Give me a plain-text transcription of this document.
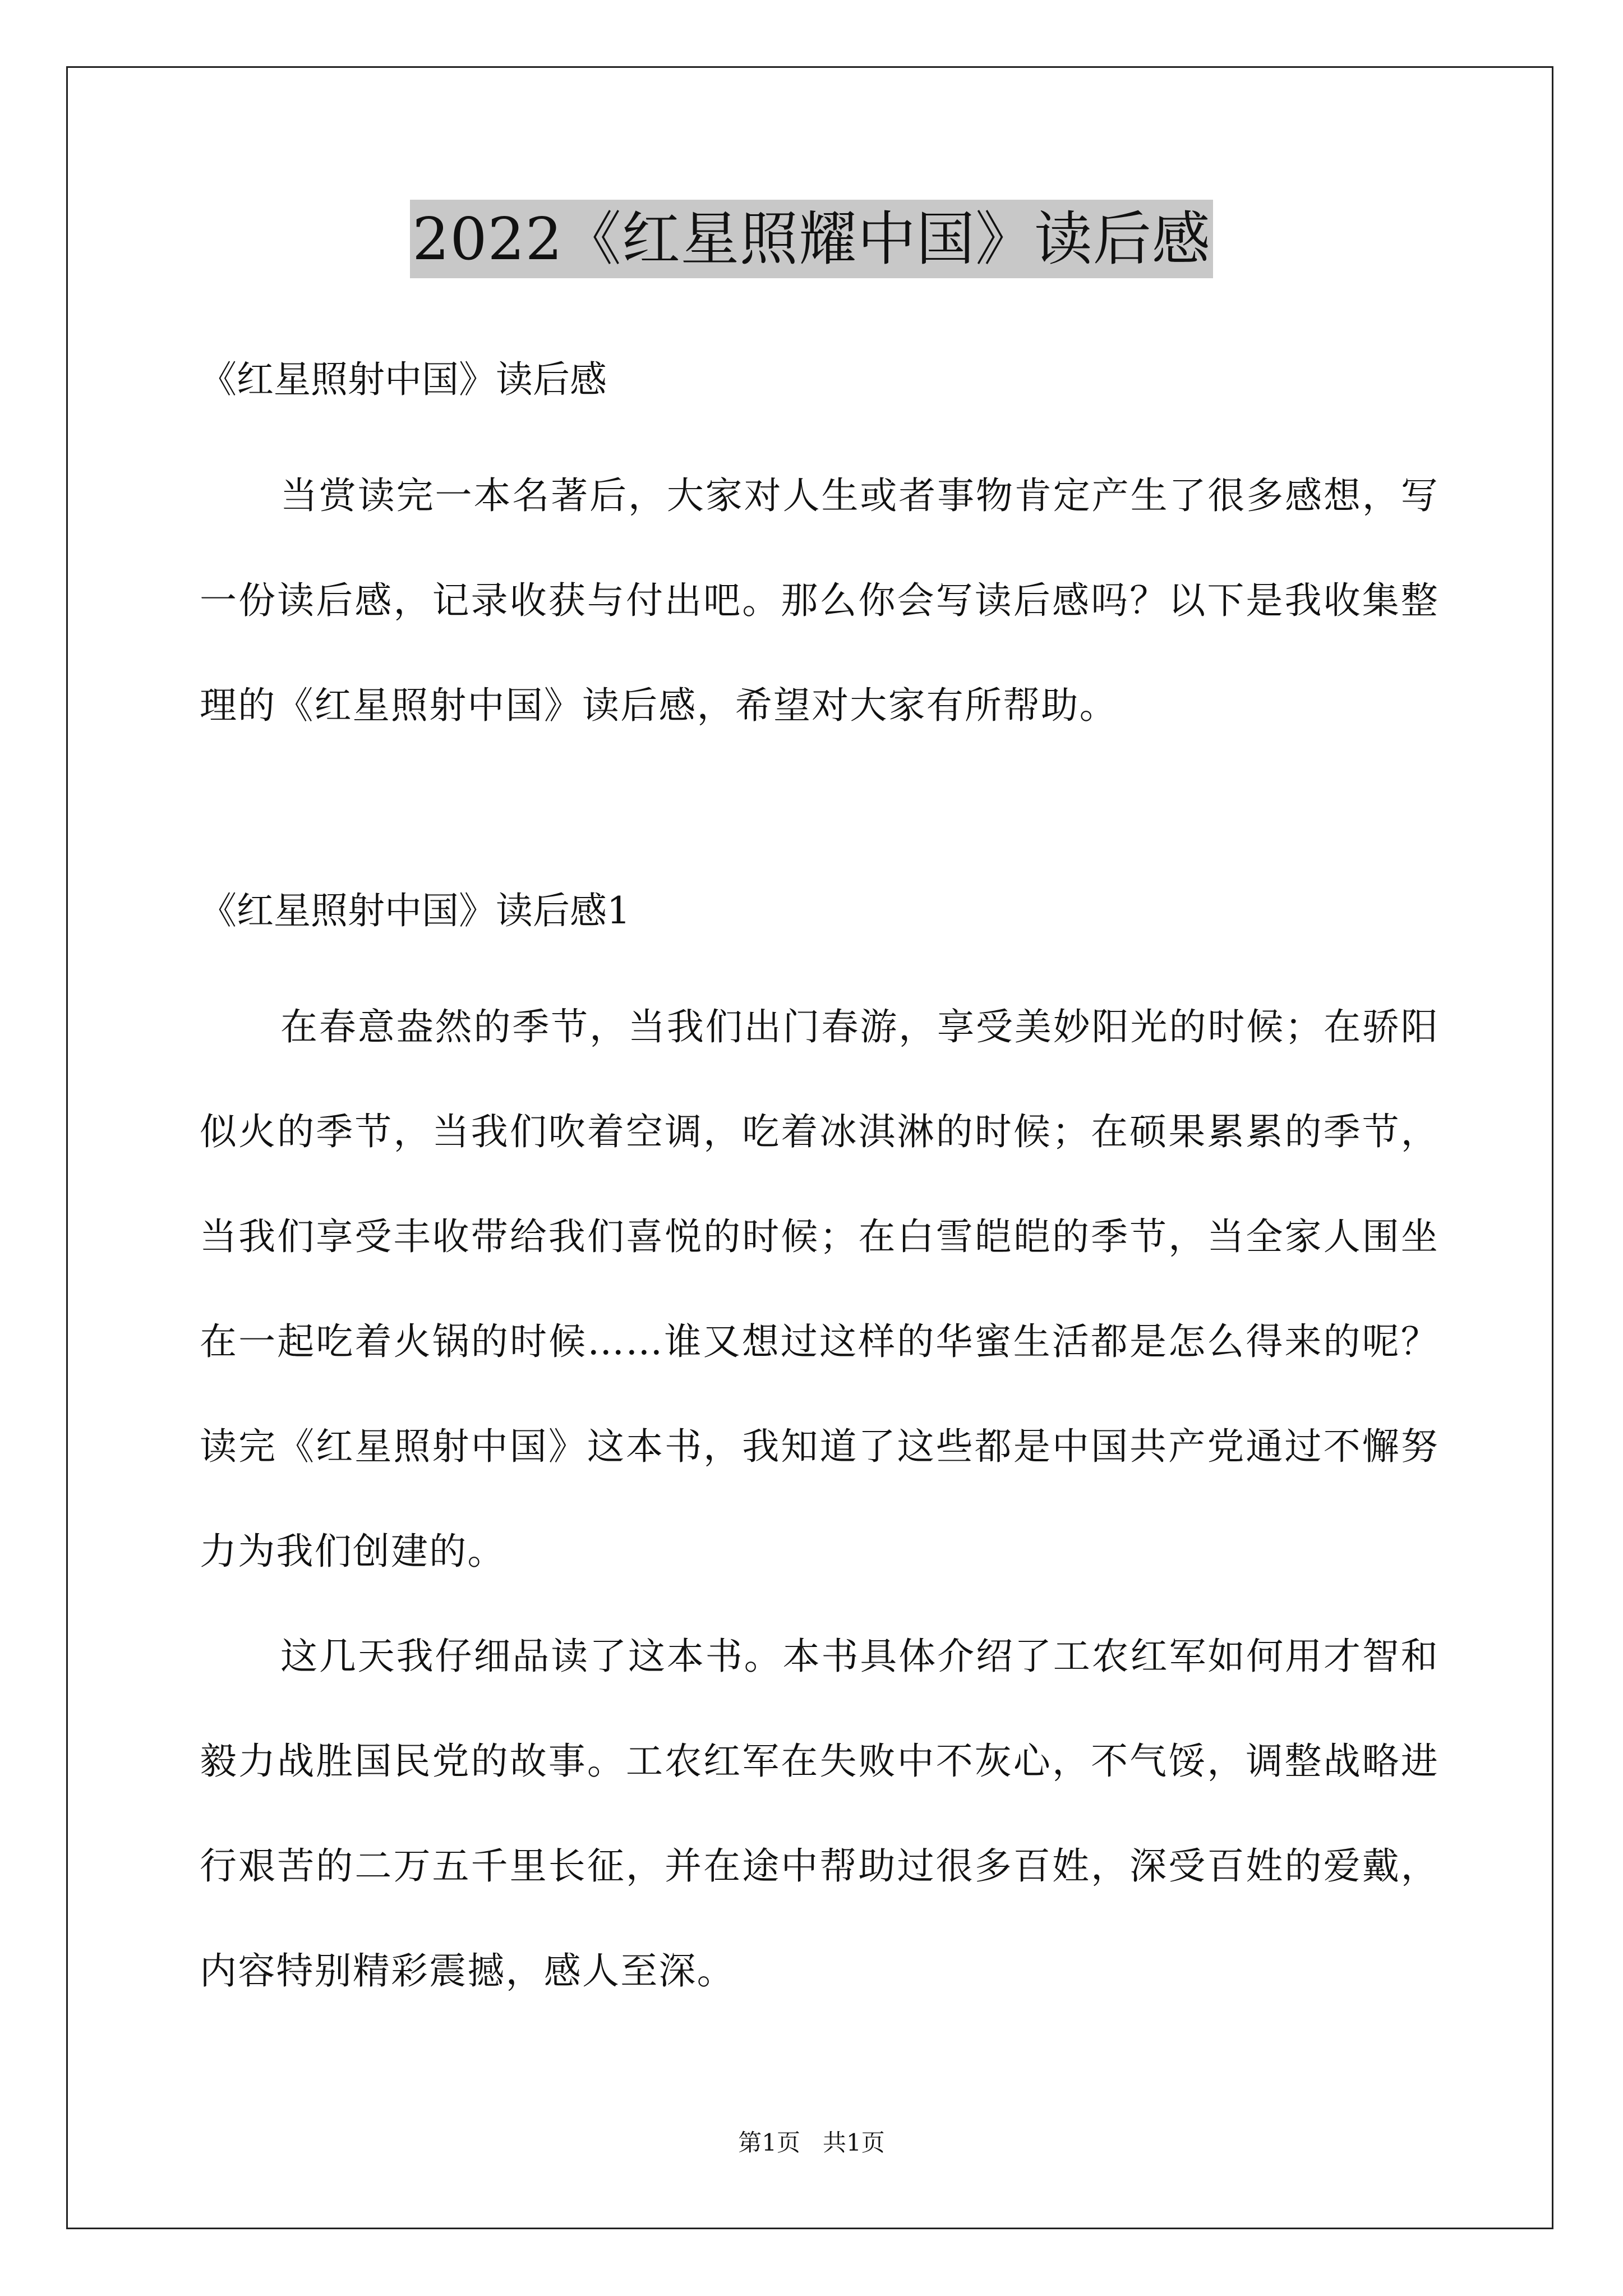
2022《红星照耀中国》读后感

《红星照射中国》读后感

当赏读完一本名著后，大家对人生或者事物肯定产生了很多感想，写一份读后感，记录收获与付出吧。那么你会写读后感吗？以下是我收集整理的《红星照射中国》读后感，希望对大家有所帮助。

《红星照射中国》读后感1

在春意盎然的季节，当我们出门春游，享受美妙阳光的时候；在骄阳似火的季节，当我们吹着空调，吃着冰淇淋的时候；在硕果累累的季节，当我们享受丰收带给我们喜悦的时候；在白雪皑皑的季节，当全家人围坐在一起吃着火锅的时候……谁又想过这样的华蜜生活都是怎么得来的呢？读完《红星照射中国》这本书，我知道了这些都是中国共产党通过不懈努力为我们创建的。

这几天我仔细品读了这本书。本书具体介绍了工农红军如何用才智和毅力战胜国民党的故事。工农红军在失败中不灰心，不气馁，调整战略进行艰苦的二万五千里长征，并在途中帮助过很多百姓，深受百姓的爱戴，内容特别精彩震撼，感人至深。

第1页   共1页
